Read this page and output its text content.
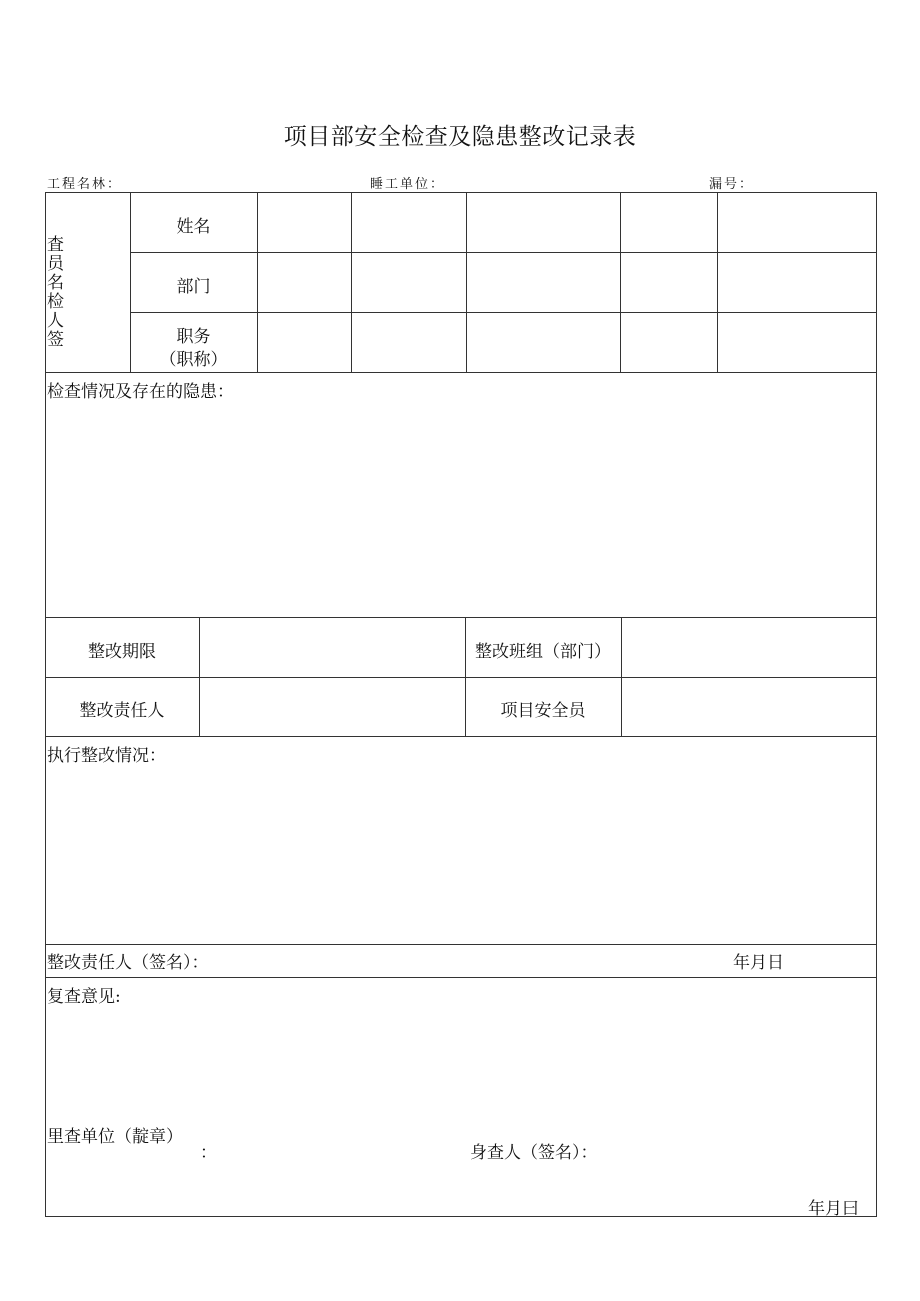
项目部安全检查及隐患整改记录表
工程名林：	睡工单位：	漏号：
査
员
名
检
人
签
姓名
部门
职务
（职称）
检查情况及存在的隐患：
整改期限	整改班组（部门）
整改责任人	项目安全员
执行整改情况：
整改责任人（签名）：	年月日
复查意见:
里查单位（靛章）
：	身查人（签名）：
年月曰
